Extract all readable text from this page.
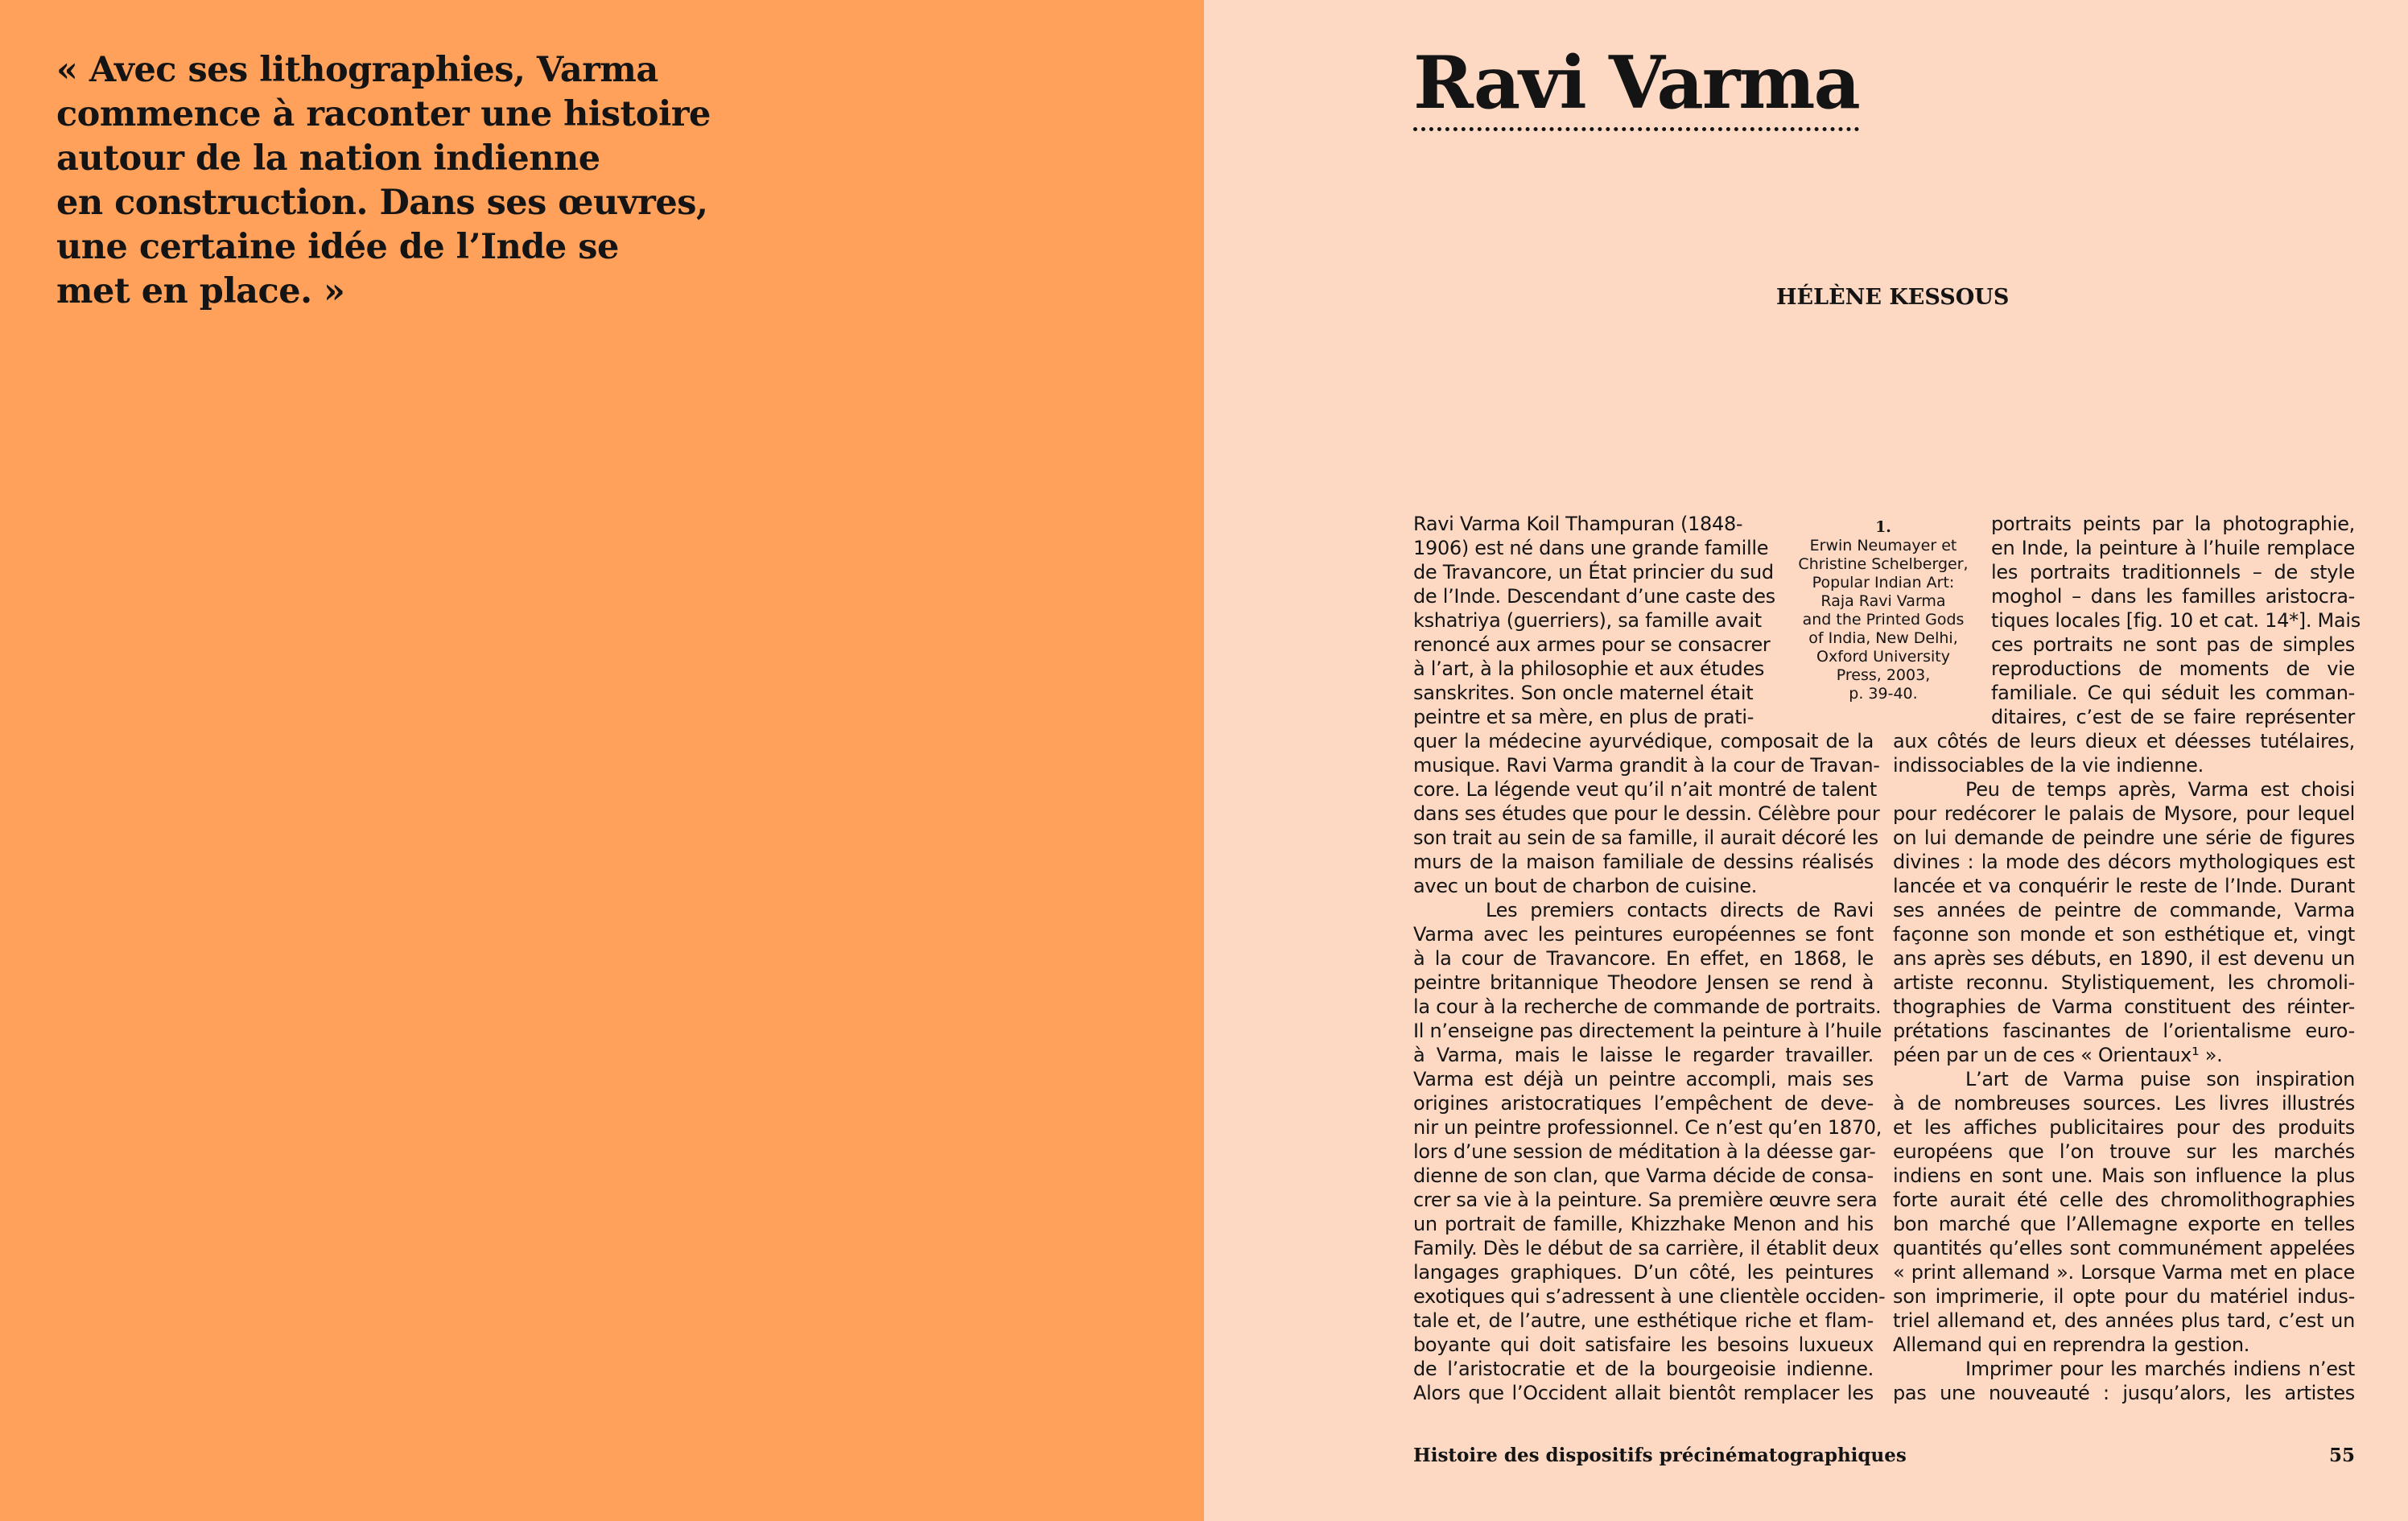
« Avec ses lithographies, Varma
commence à raconter une histoire
autour de la nation indienne
en construction. Dans ses œuvres,
une certaine idée de l’Inde se
met en place. »

Ravi Varma
HÉLÈNE KESSOUS
Ravi Varma Koil Thampuran (1848-
1906) est né dans une grande famille
de Travancore, un État princier du sud
de l’Inde. Descendant d’une caste des
kshatriya (guerriers), sa famille avait
renoncé aux armes pour se consacrer
à l’art, à la philosophie et aux études
sanskrites. Son oncle maternel était
peintre et sa mère, en plus de prati-
quer la médecine ayurvédique, composait de la
musique. Ravi Varma grandit à la cour de Travan-
core. La légende veut qu’il n’ait montré de talent
dans ses études que pour le dessin. Célèbre pour
son trait au sein de sa famille, il aurait décoré les
murs de la maison familiale de dessins réalisés
avec un bout de charbon de cuisine.
Les premiers contacts directs de Ravi
Varma avec les peintures européennes se font
à la cour de Travancore. En effet, en 1868, le
peintre britannique Theodore Jensen se rend à
la cour à la recherche de commande de portraits.
Il n’enseigne pas directement la peinture à l’huile
à Varma, mais le laisse le regarder travailler.
Varma est déjà un peintre accompli, mais ses
origines aristocratiques l’empêchent de deve-
nir un peintre professionnel. Ce n’est qu’en 1870,
lors d’une session de méditation à la déesse gar-
dienne de son clan, que Varma décide de consa-
crer sa vie à la peinture. Sa première œuvre sera
un portrait de famille, Khizzhake Menon and his
Family. Dès le début de sa carrière, il établit deux
langages graphiques. D’un côté, les peintures
exotiques qui s’adressent à une clientèle occiden-
tale et, de l’autre, une esthétique riche et flam-
boyante qui doit satisfaire les besoins luxueux
de l’aristocratie et de la bourgeoisie indienne.
Alors que l’Occident allait bientôt remplacer les
portraits peints par la photographie,
en Inde, la peinture à l’huile remplace
les portraits traditionnels – de style
moghol – dans les familles aristocra-
tiques locales [fig. 10 et cat. 14*]. Mais
ces portraits ne sont pas de simples
reproductions de moments de vie
familiale. Ce qui séduit les comman-
ditaires, c’est de se faire représenter
aux côtés de leurs dieux et déesses tutélaires,
indissociables de la vie indienne.
Peu de temps après, Varma est choisi
pour redécorer le palais de Mysore, pour lequel
on lui demande de peindre une série de figures
divines : la mode des décors mythologiques est
lancée et va conquérir le reste de l’Inde. Durant
ses années de peintre de commande, Varma
façonne son monde et son esthétique et, vingt
ans après ses débuts, en 1890, il est devenu un
artiste reconnu. Stylistiquement, les chromoli-
thographies de Varma constituent des réinter-
prétations fascinantes de l’orientalisme euro-
péen par un de ces « Orientaux¹ ».
L’art de Varma puise son inspiration
à de nombreuses sources. Les livres illustrés
et les affiches publicitaires pour des produits
européens que l’on trouve sur les marchés
indiens en sont une. Mais son influence la plus
forte aurait été celle des chromolithographies
bon marché que l’Allemagne exporte en telles
quantités qu’elles sont communément appelées
« print allemand ». Lorsque Varma met en place
son imprimerie, il opte pour du matériel indus-
triel allemand et, des années plus tard, c’est un
Allemand qui en reprendra la gestion.
Imprimer pour les marchés indiens n’est
pas une nouveauté : jusqu’alors, les artistes
1.
Erwin Neumayer et
Christine Schelberger,
Popular Indian Art:
Raja Ravi Varma
and the Printed Gods
of India, New Delhi,
Oxford University
Press, 2003,
p. 39-40.
Histoire des dispositifs précinématographiques	55
